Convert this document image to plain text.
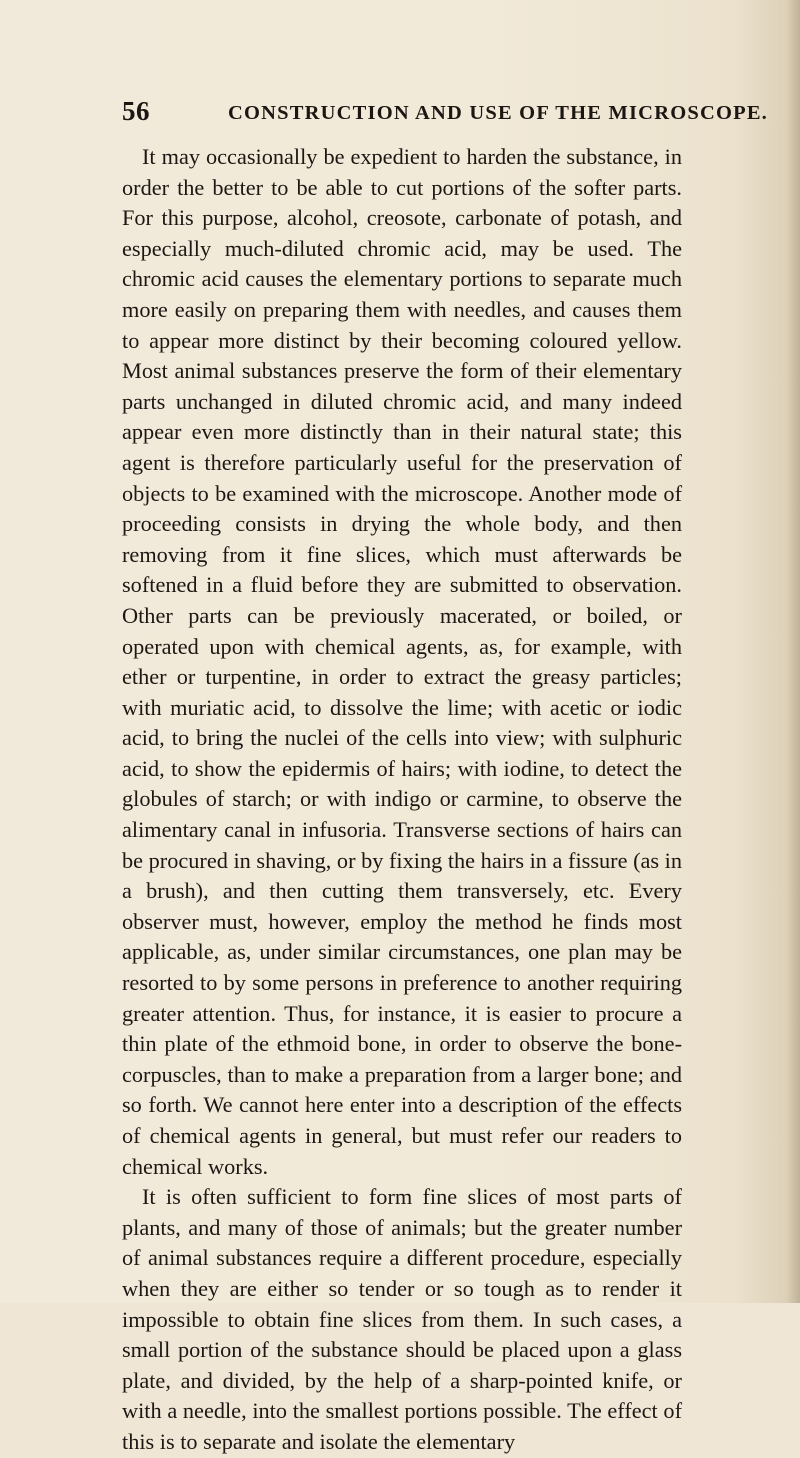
56	CONSTRUCTION AND USE OF THE MICROSCOPE.

It may occasionally be expedient to harden the substance, in order the better to be able to cut portions of the softer parts. For this purpose, alcohol, creosote, carbonate of potash, and especially much-diluted chromic acid, may be used. The chromic acid causes the elementary portions to separate much more easily on preparing them with needles, and causes them to appear more distinct by their becoming coloured yellow. Most animal substances preserve the form of their elementary parts unchanged in diluted chromic acid, and many indeed appear even more distinctly than in their natural state; this agent is therefore particularly useful for the preservation of objects to be examined with the microscope. Another mode of proceeding consists in drying the whole body, and then removing from it fine slices, which must afterwards be softened in a fluid before they are submitted to observation. Other parts can be previously macerated, or boiled, or operated upon with chemical agents, as, for example, with ether or turpentine, in order to extract the greasy particles; with muriatic acid, to dissolve the lime; with acetic or iodic acid, to bring the nuclei of the cells into view; with sulphuric acid, to show the epidermis of hairs; with iodine, to detect the globules of starch; or with indigo or carmine, to observe the alimentary canal in infusoria. Transverse sections of hairs can be procured in shaving, or by fixing the hairs in a fissure (as in a brush), and then cutting them transversely, etc. Every observer must, however, employ the method he finds most applicable, as, under similar circumstances, one plan may be resorted to by some persons in preference to another requiring greater attention. Thus, for instance, it is easier to procure a thin plate of the ethmoid bone, in order to observe the bone-corpuscles, than to make a preparation from a larger bone; and so forth. We cannot here enter into a description of the effects of chemical agents in general, but must refer our readers to chemical works.

It is often sufficient to form fine slices of most parts of plants, and many of those of animals; but the greater number of animal substances require a different procedure, especially when they are either so tender or so tough as to render it impossible to obtain fine slices from them. In such cases, a small portion of the substance should be placed upon a glass plate, and divided, by the help of a sharp-pointed knife, or with a needle, into the smallest portions possible. The effect of this is to separate and isolate the elementary
